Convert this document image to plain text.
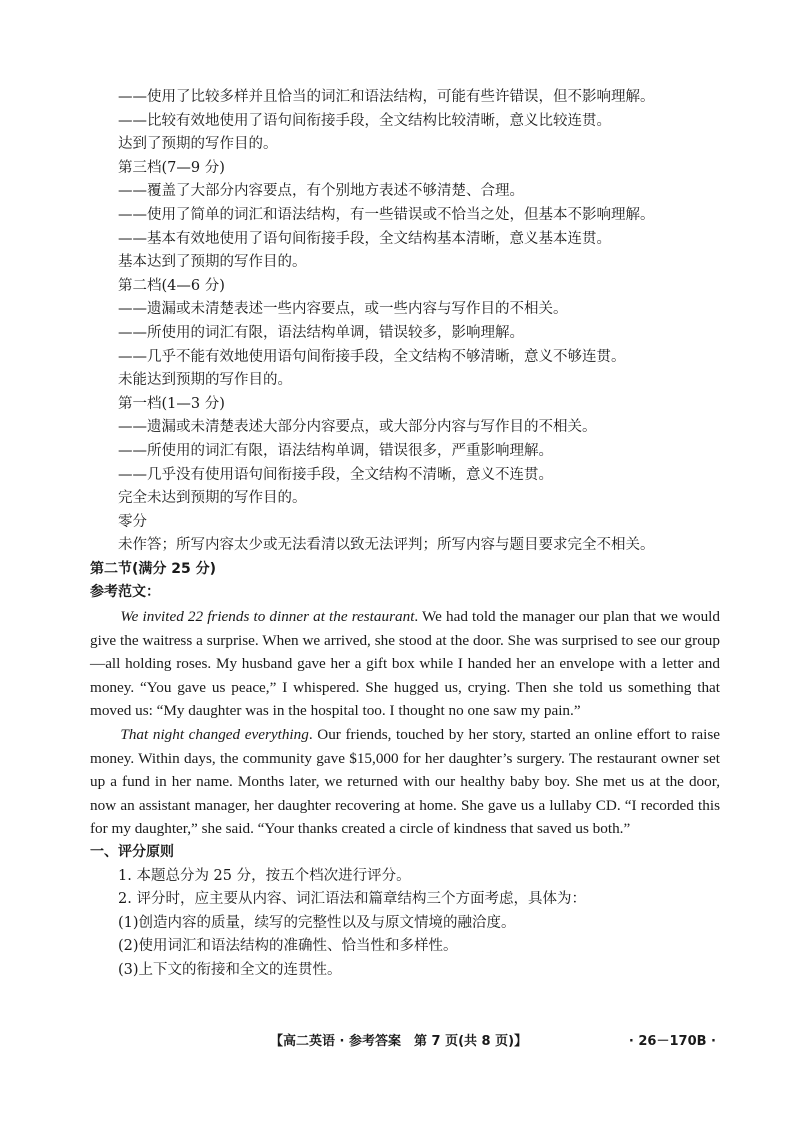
——使用了比较多样并且恰当的词汇和语法结构，可能有些许错误，但不影响理解。
——比较有效地使用了语句间衔接手段，全文结构比较清晰，意义比较连贯。
达到了预期的写作目的。
第三档(7—9 分)
——覆盖了大部分内容要点，有个别地方表述不够清楚、合理。
——使用了简单的词汇和语法结构，有一些错误或不恰当之处，但基本不影响理解。
——基本有效地使用了语句间衔接手段，全文结构基本清晰，意义基本连贯。
基本达到了预期的写作目的。
第二档(4—6 分)
——遗漏或未清楚表述一些内容要点，或一些内容与写作目的不相关。
——所使用的词汇有限，语法结构单调，错误较多，影响理解。
——几乎不能有效地使用语句间衔接手段，全文结构不够清晰，意义不够连贯。
未能达到预期的写作目的。
第一档(1—3 分)
——遗漏或未清楚表述大部分内容要点，或大部分内容与写作目的不相关。
——所使用的词汇有限，语法结构单调，错误很多，严重影响理解。
——几乎没有使用语句间衔接手段，全文结构不清晰，意义不连贯。
完全未达到预期的写作目的。
零分
未作答；所写内容太少或无法看清以致无法评判；所写内容与题目要求完全不相关。
第二节(满分 25 分)
参考范文：

We invited 22 friends to dinner at the restaurant. We had told the manager our plan that we would give the waitress a surprise. When we arrived, she stood at the door. She was surprised to see our group—all holding roses. My husband gave her a gift box while I handed her an envelope with a letter and money. “You gave us peace,” I whispered. She hugged us, crying. Then she told us something that moved us: “My daughter was in the hospital too. I thought no one saw my pain.”

That night changed everything. Our friends, touched by her story, started an online effort to raise money. Within days, the community gave $15,000 for her daughter’s surgery. The restaurant owner set up a fund in her name. Months later, we returned with our healthy baby boy. She met us at the door, now an assistant manager, her daughter recovering at home. She gave us a lullaby CD. “I recorded this for my daughter,” she said. “Your thanks created a circle of kindness that saved us both.”

一、评分原则
1. 本题总分为 25 分，按五个档次进行评分。
2. 评分时，应主要从内容、词汇语法和篇章结构三个方面考虑，具体为：
(1)创造内容的质量，续写的完整性以及与原文情境的融洽度。
(2)使用词汇和语法结构的准确性、恰当性和多样性。
(3)上下文的衔接和全文的连贯性。
【高二英语 · 参考答案　第 7 页(共 8 页)】	· 26－170B ·
